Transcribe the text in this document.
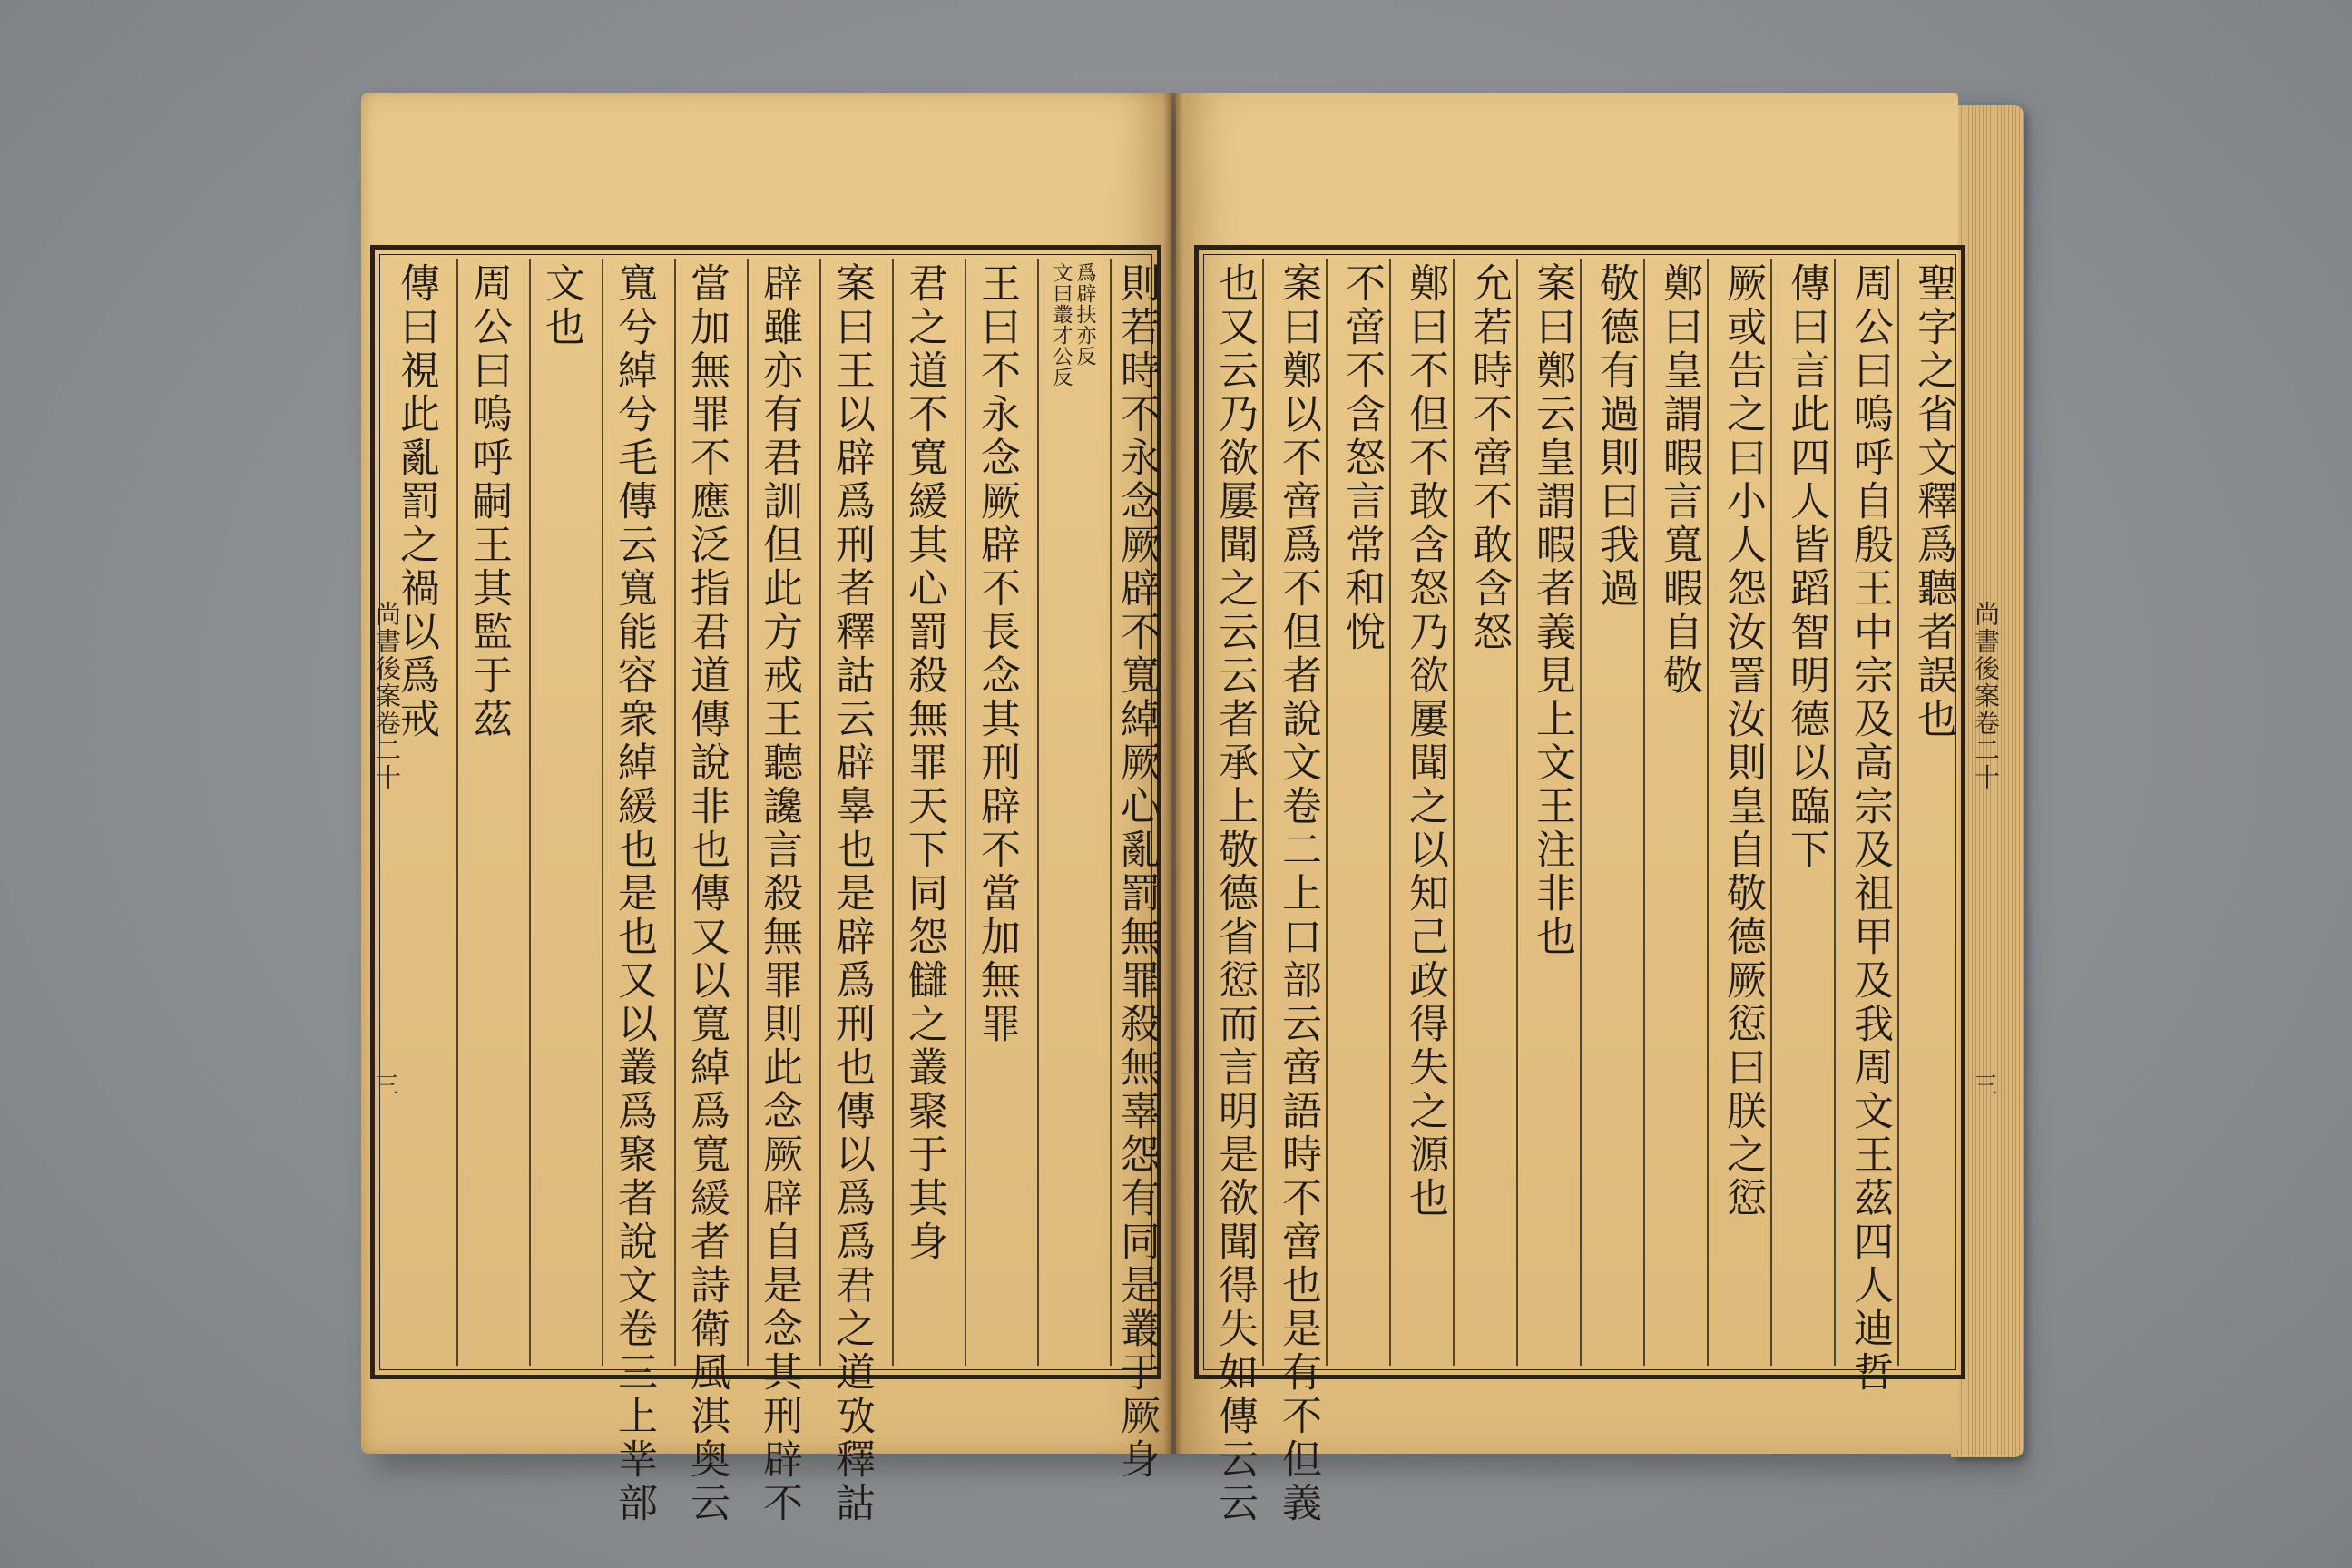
傳曰視此亂罰之禍以爲戒 周公曰嗚呼嗣王其監于茲 文也 寬兮綽兮毛傳云寬能容衆綽緩也是也又以叢爲聚者說文卷三上丵部 當加無罪不應泛指君道傳說非也傳又以寬綽爲寬緩者詩衛風淇奥云 辟雖亦有君訓但此方戒王聽讒言殺無罪則此念厥辟自是念其刑辟不 案曰王以辟爲刑者釋詁云辟辠也是辟爲刑也傳以爲爲君之道攷釋詁 君之道不寬緩其心罰殺無罪天下同怨讎之叢聚于其身 王曰不永念厥辟不長念其刑辟不當加無罪 文曰叢才公反 爲辟扶亦反 則若時不永念厥辟不寬綽厥心亂罰無罪殺無辜怨有同是叢于厥身 也又云乃欲屢聞之云云者承上敬德省愆而言明是欲聞得失如傳云云 案曰鄭以不啻爲不但者說文卷二上口部云啻語時不啻也是有不但義 不啻不含怒言常和悅 鄭曰不但不敢含怒乃欲屢聞之以知己政得失之源也 允若時不啻不敢含怒 案曰鄭云皇謂暇者義見上文王注非也 敬德有過則曰我過 鄭曰皇謂暇言寬暇自敬 厥或告之曰小人怨汝詈汝則皇自敬德厥愆曰朕之愆 傳曰言此四人皆蹈智明德以臨下 周公曰嗚呼自殷王中宗及高宗及祖甲及我周文王茲四人迪哲 聖字之省文釋爲聽者誤也
尚書後案卷二十
三
尚書後案卷二十
三
